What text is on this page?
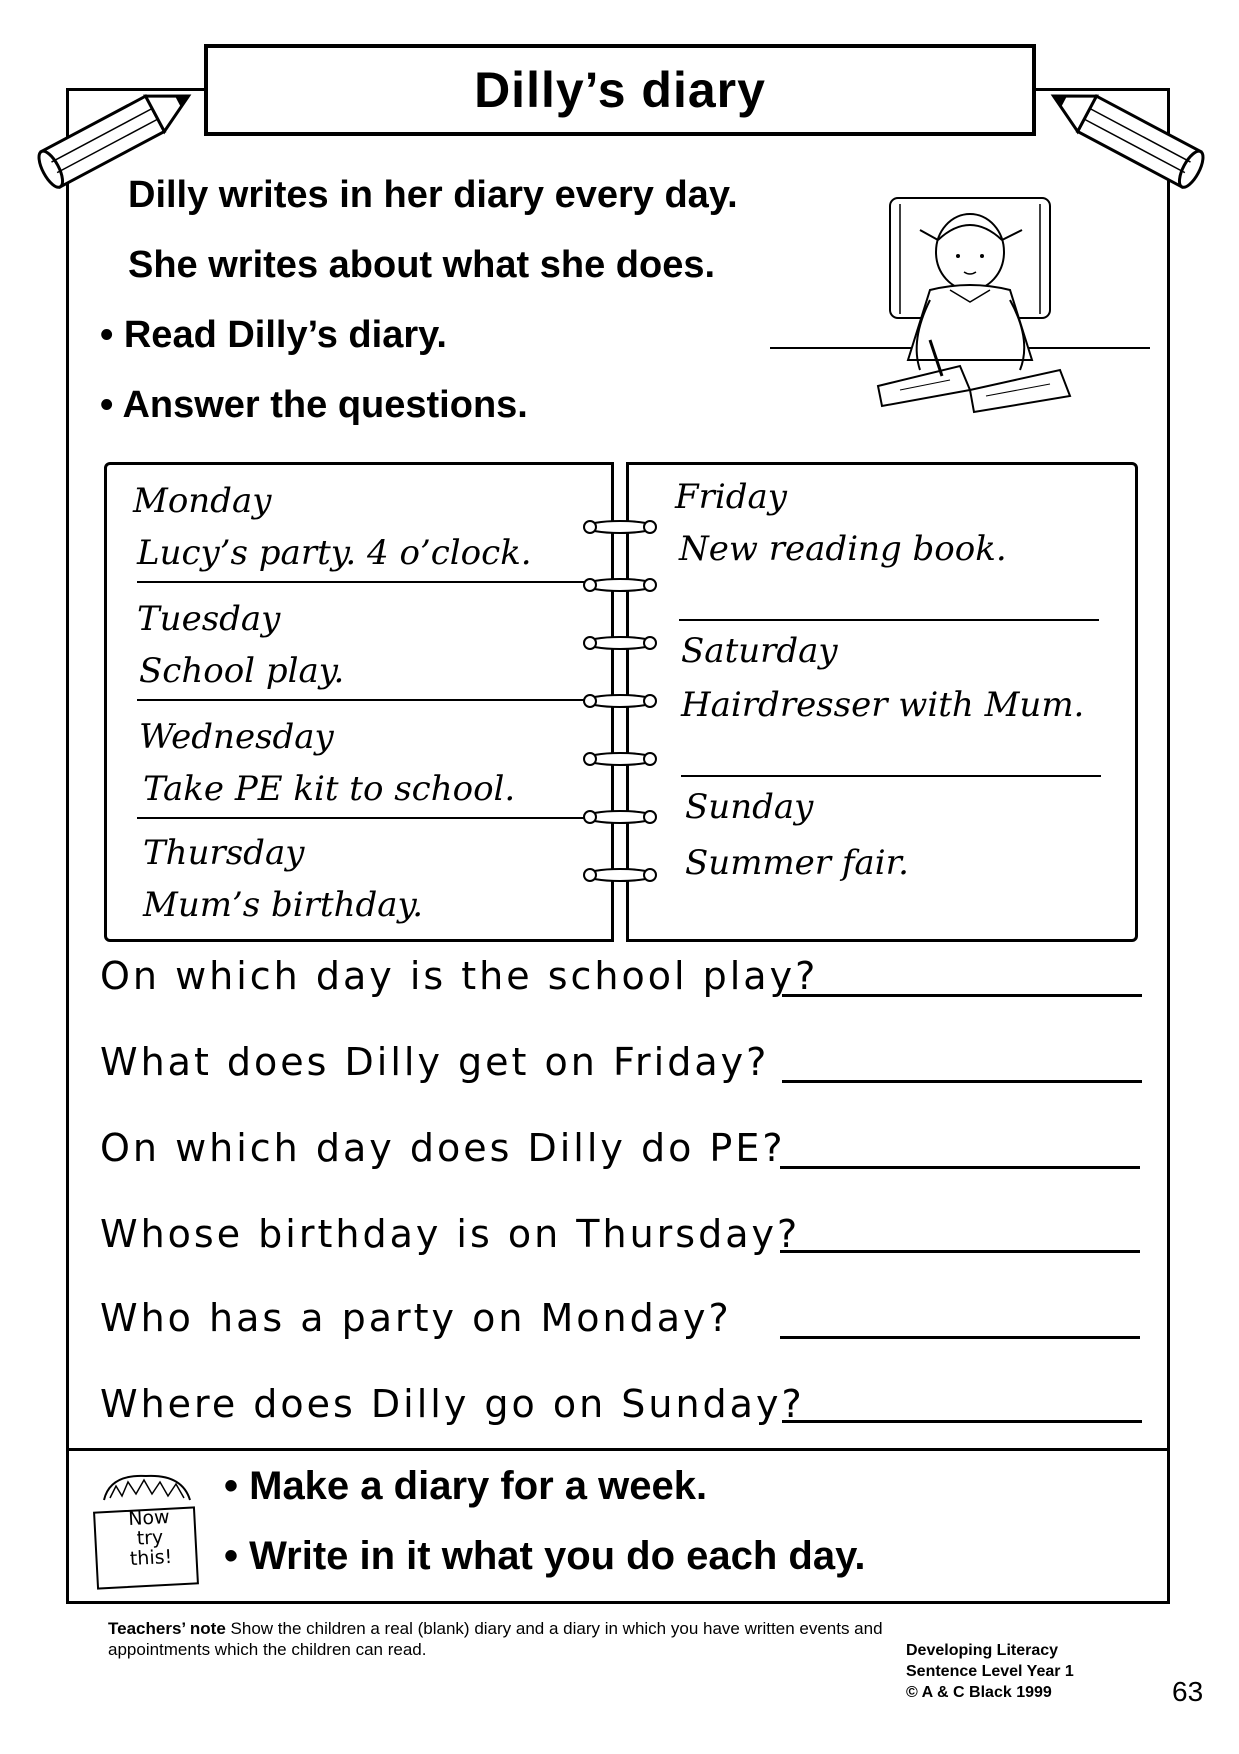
Dilly’s diary
Dilly writes in her diary every day.
She writes about what she does.
• Read Dilly’s diary.
• Answer the questions.
Monday
Lucy’s party. 4 o’clock.
Tuesday
School play.
Wednesday
Take PE kit to school.
Thursday
Mum’s birthday.
Friday
New reading book.
Saturday
Hairdresser with Mum.
Sunday
Summer fair.
On which day is the school play?
What does Dilly get on Friday?
On which day does Dilly do PE?
Whose birthday is on Thursday?
Who has a party on Monday?
Where does Dilly go on Sunday?
Now
try
this!
• Make a diary for a week.
• Write in it what you do each day.
Teachers’ note Show the children a real (blank) diary and a diary in which you have written events and appointments which the children can read.	Developing Literacy
Sentence Level Year 1
© A & C Black 1999	63
